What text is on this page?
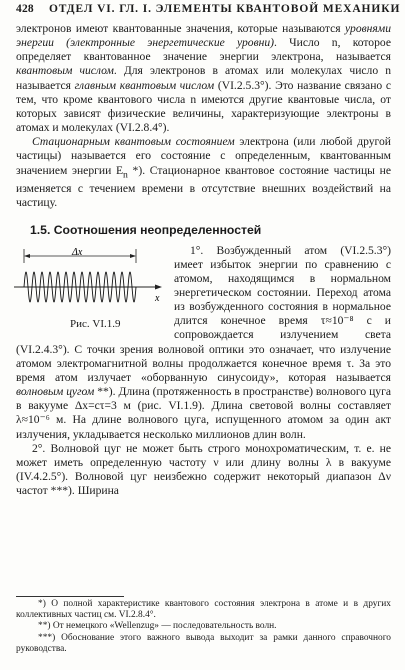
428 ОТДЕЛ VI. ГЛ. I. ЭЛЕМЕНТЫ КВАНТОВОЙ МЕХАНИКИ

электронов имеют квантованные значения, которые называются уровнями энергии (электронные энергетические уровни). Число n, которое определяет квантованное значение энергии электрона, называется квантовым числом. Для электронов в атомах или молекулах число n называется главным квантовым числом (VI.2.5.3°). Это название связано с тем, что кроме квантового числа n имеются другие квантовые числа, от которых зависят физические величины, характеризующие электроны в атомах и молекулах (VI.2.8.4°).

Стационарным квантовым состоянием электрона (или любой другой частицы) называется его состояние с определенным, квантованным значением энергии $E_n$ *). Стационарное квантовое состояние частицы не изменяется с течением времени в отсутствие внешних воздействий на частицу.

1.5. Соотношения неопределенностей

Δx
x
Рис. VI.1.9
1°. Возбужденный атом (VI.2.5.3°) имеет избыток энергии по сравнению с атомом, находящимся в нормальном энергетическом состоянии. Переход атома из возбужденного состояния в нормальное длится конечное время τ≈10⁻⁸ с и сопровождается излучением света (VI.2.4.3°). С точки зрения волновой оптики это означает, что излучение атомом электромагнитной волны продолжается конечное время τ. За это время атом излучает «оборванную синусоиду», которая называется волновым цугом **). Длина (протяженность в пространстве) волнового цуга в вакууме Δx=cτ=3 м (рис. VI.1.9). Длина световой волны составляет λ≈10⁻⁶ м. На длине волнового цуга, испущенного атомом за один акт излучения, укладывается несколько миллионов длин волн.

2°. Волновой цуг не может быть строго монохроматическим, т. е. не может иметь определенную частоту ν или длину волны λ в вакууме (IV.4.2.5°). Волновой цуг неизбежно содержит некоторый диапазон Δν частот ***). Ширина

*) О полной характеристике квантового состояния электрона в атоме и в других коллективных частиц см. VI.2.8.4°.

**) От немецкого «Wellenzug» — последовательность волн.

***) Обоснование этого важного вывода выходит за рамки данного справочного руководства.
